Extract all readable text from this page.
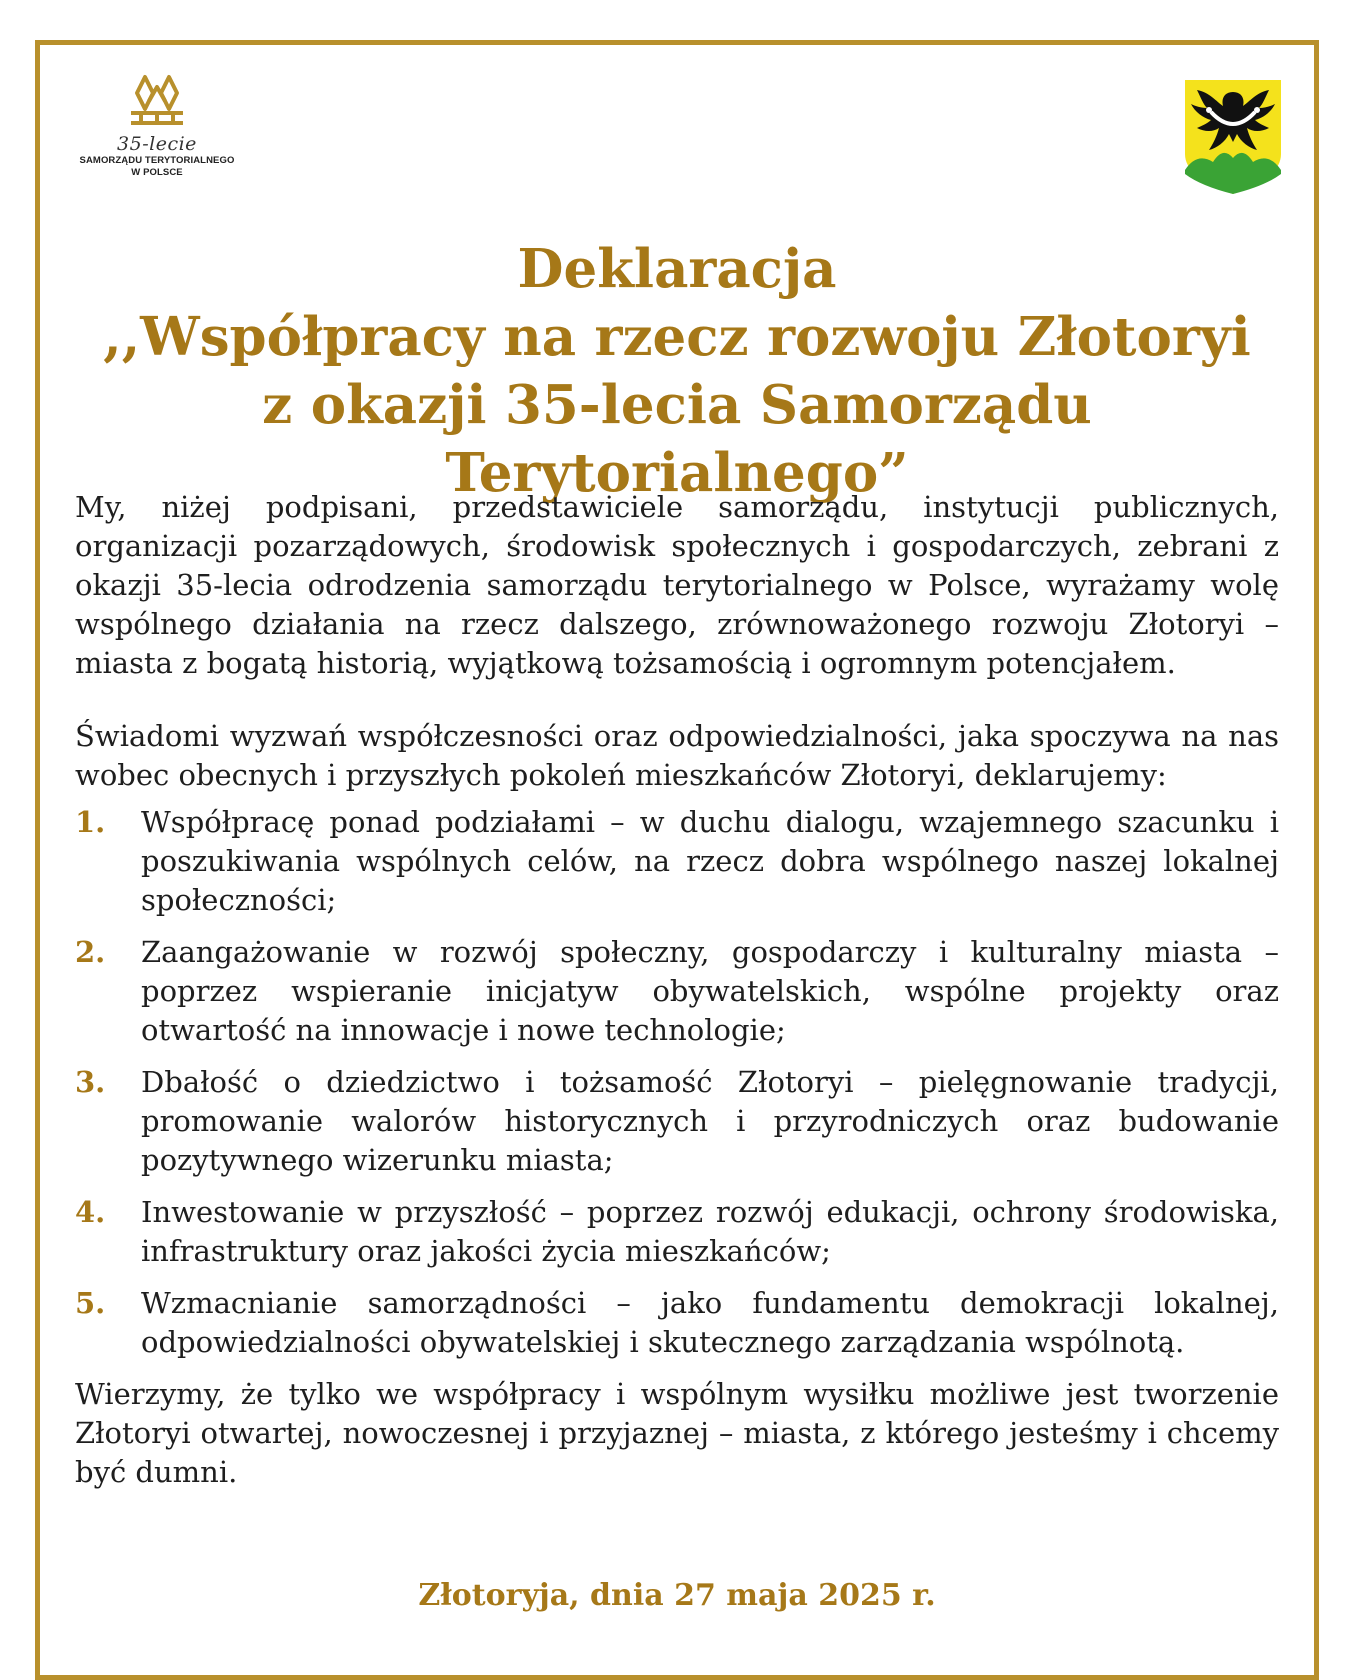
35-lecie
SAMORZĄDU TERYTORIALNEGO
W POLSCE
Deklaracja
,,Współpracy na rzecz rozwoju Złotoryi
z okazji 35-lecia Samorządu Terytorialnego”

My, niżej podpisani, przedstawiciele samorządu, instytucji publicznych, organizacji pozarządowych, środowisk społecznych i gospodarczych, zebrani z okazji 35-lecia odrodzenia samorządu terytorialnego w Polsce, wyrażamy wolę wspólnego działania na rzecz dalszego, zrównoważonego rozwoju Złotoryi – miasta z bogatą historią, wyjątkową tożsamością i ogromnym potencjałem.

Świadomi wyzwań współczesności oraz odpowiedzialności, jaka spoczywa na nas wobec obecnych i przyszłych pokoleń mieszkańców Złotoryi, deklarujemy:

1. Współpracę ponad podziałami – w duchu dialogu, wzajemnego szacunku i poszukiwania wspólnych celów, na rzecz dobra wspólnego naszej lokalnej społeczności;
2. Zaangażowanie w rozwój społeczny, gospodarczy i kulturalny miasta – poprzez wspieranie inicjatyw obywatelskich, wspólne projekty oraz otwartość na innowacje i nowe technologie;
3. Dbałość o dziedzictwo i tożsamość Złotoryi – pielęgnowanie tradycji, promowanie walorów historycznych i przyrodniczych oraz budowanie pozytywnego wizerunku miasta;
4. Inwestowanie w przyszłość – poprzez rozwój edukacji, ochrony środowiska, infrastruktury oraz jakości życia mieszkańców;
5. Wzmacnianie samorządności – jako fundamentu demokracji lokalnej, odpowiedzialności obywatelskiej i skutecznego zarządzania wspólnotą.

Wierzymy, że tylko we współpracy i wspólnym wysiłku możliwe jest tworzenie Złotoryi otwartej, nowoczesnej i przyjaznej – miasta, z którego jesteśmy i chcemy być dumni.

Złotoryja, dnia 27 maja 2025 r.
